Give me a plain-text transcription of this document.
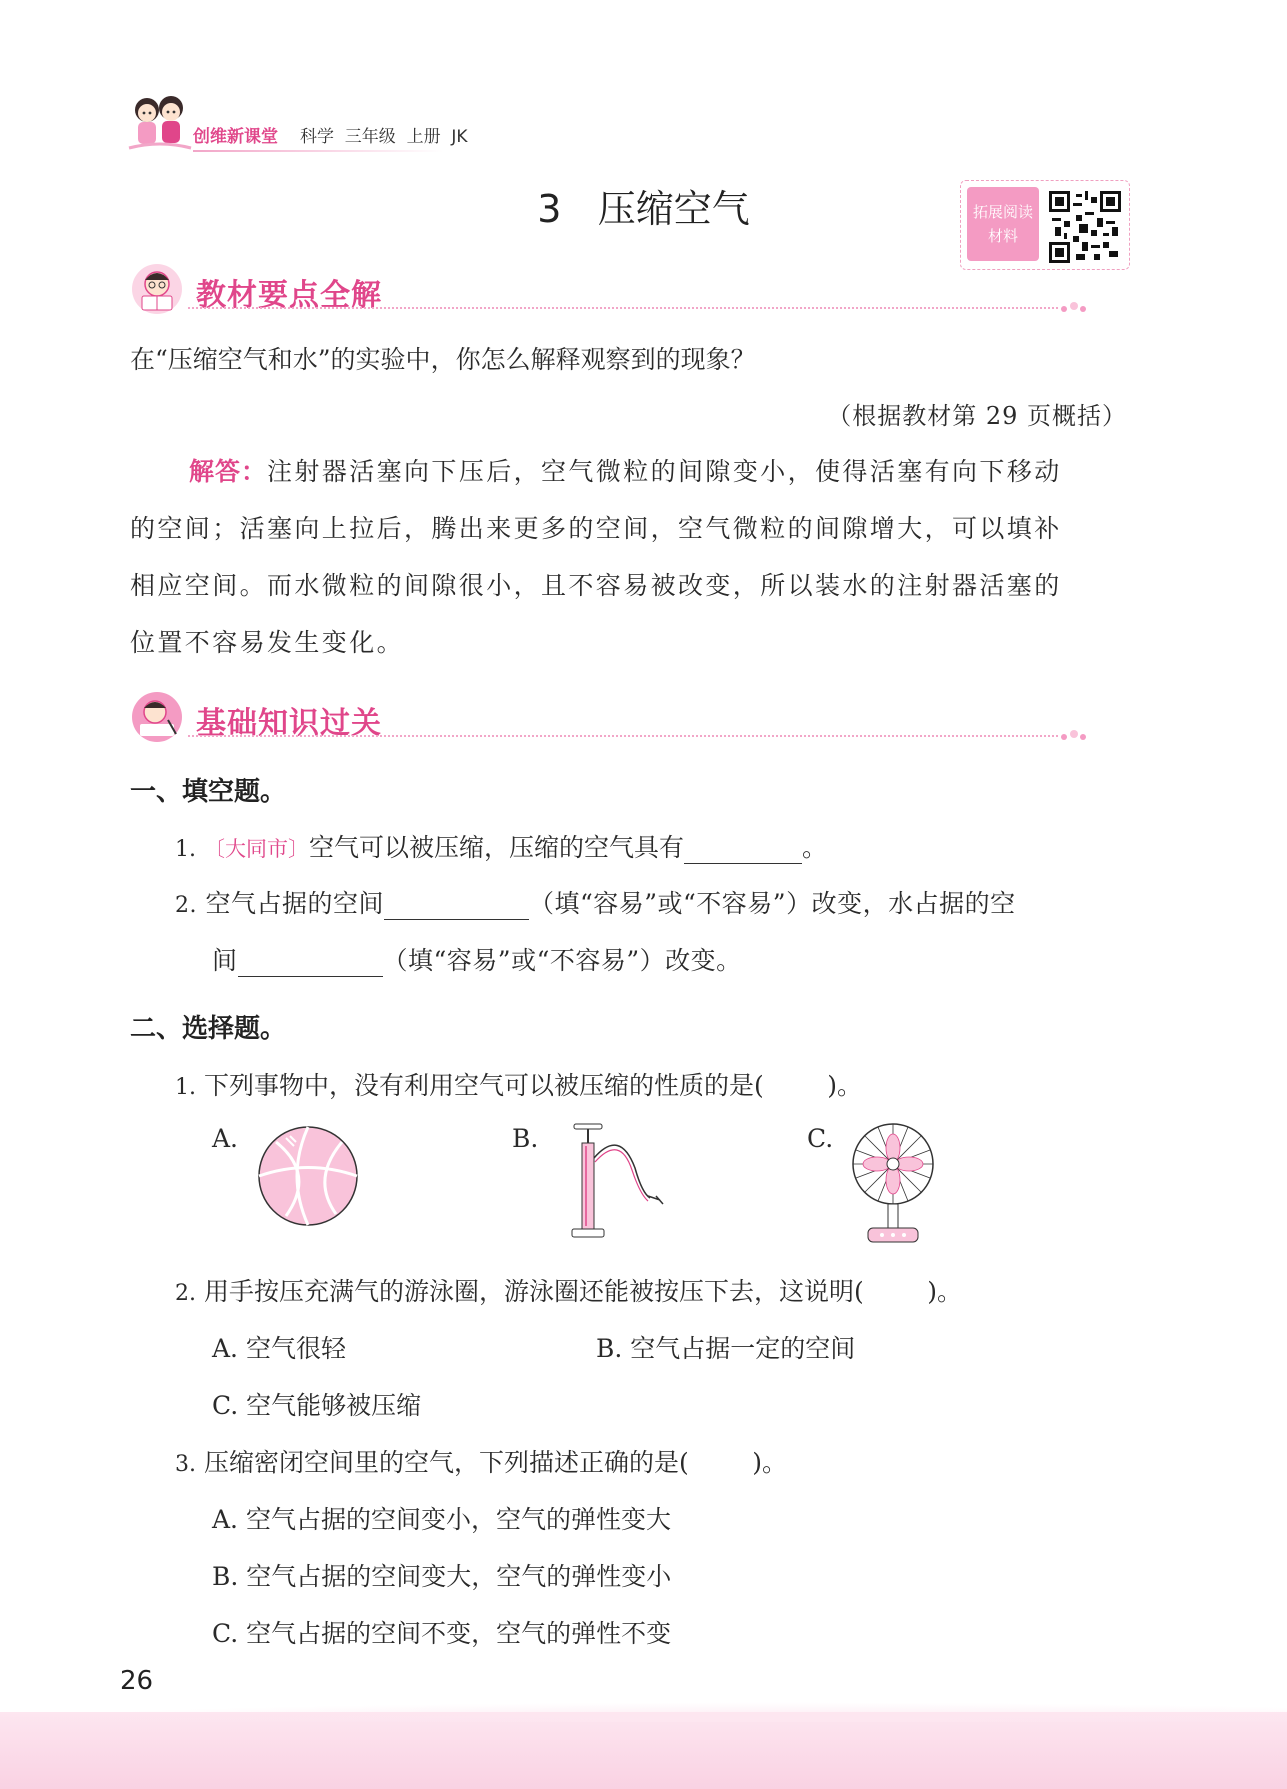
创维新课堂 科学  三年级  上册  JK
3   压缩空气	拓展阅读
材料
教材要点全解
在“压缩空气和水”的实验中，你怎么解释观察到的现象？
（根据教材第 29 页概括）
解答：注射器活塞向下压后，空气微粒的间隙变小，使得活塞有向下移动
的空间；活塞向上拉后，腾出来更多的空间，空气微粒的间隙增大，可以填补
相应空间。而水微粒的间隙很小，且不容易被改变，所以装水的注射器活塞的
位置不容易发生变化。
基础知识过关
一、填空题。
1. 〔大同市〕空气可以被压缩，压缩的空气具有	。
2. 空气占据的空间	（填“容易”或“不容易”）改变，水占据的空
间	（填“容易”或“不容易”）改变。
二、选择题。
1. 下列事物中，没有利用空气可以被压缩的性质的是(        )。
A.	B.	C.
2. 用手按压充满气的游泳圈，游泳圈还能被按压下去，这说明(        )。
A. 空气很轻	B. 空气占据一定的空间
C. 空气能够被压缩
3. 压缩密闭空间里的空气，下列描述正确的是(        )。
A. 空气占据的空间变小，空气的弹性变大
B. 空气占据的空间变大，空气的弹性变小
C. 空气占据的空间不变，空气的弹性不变
26
